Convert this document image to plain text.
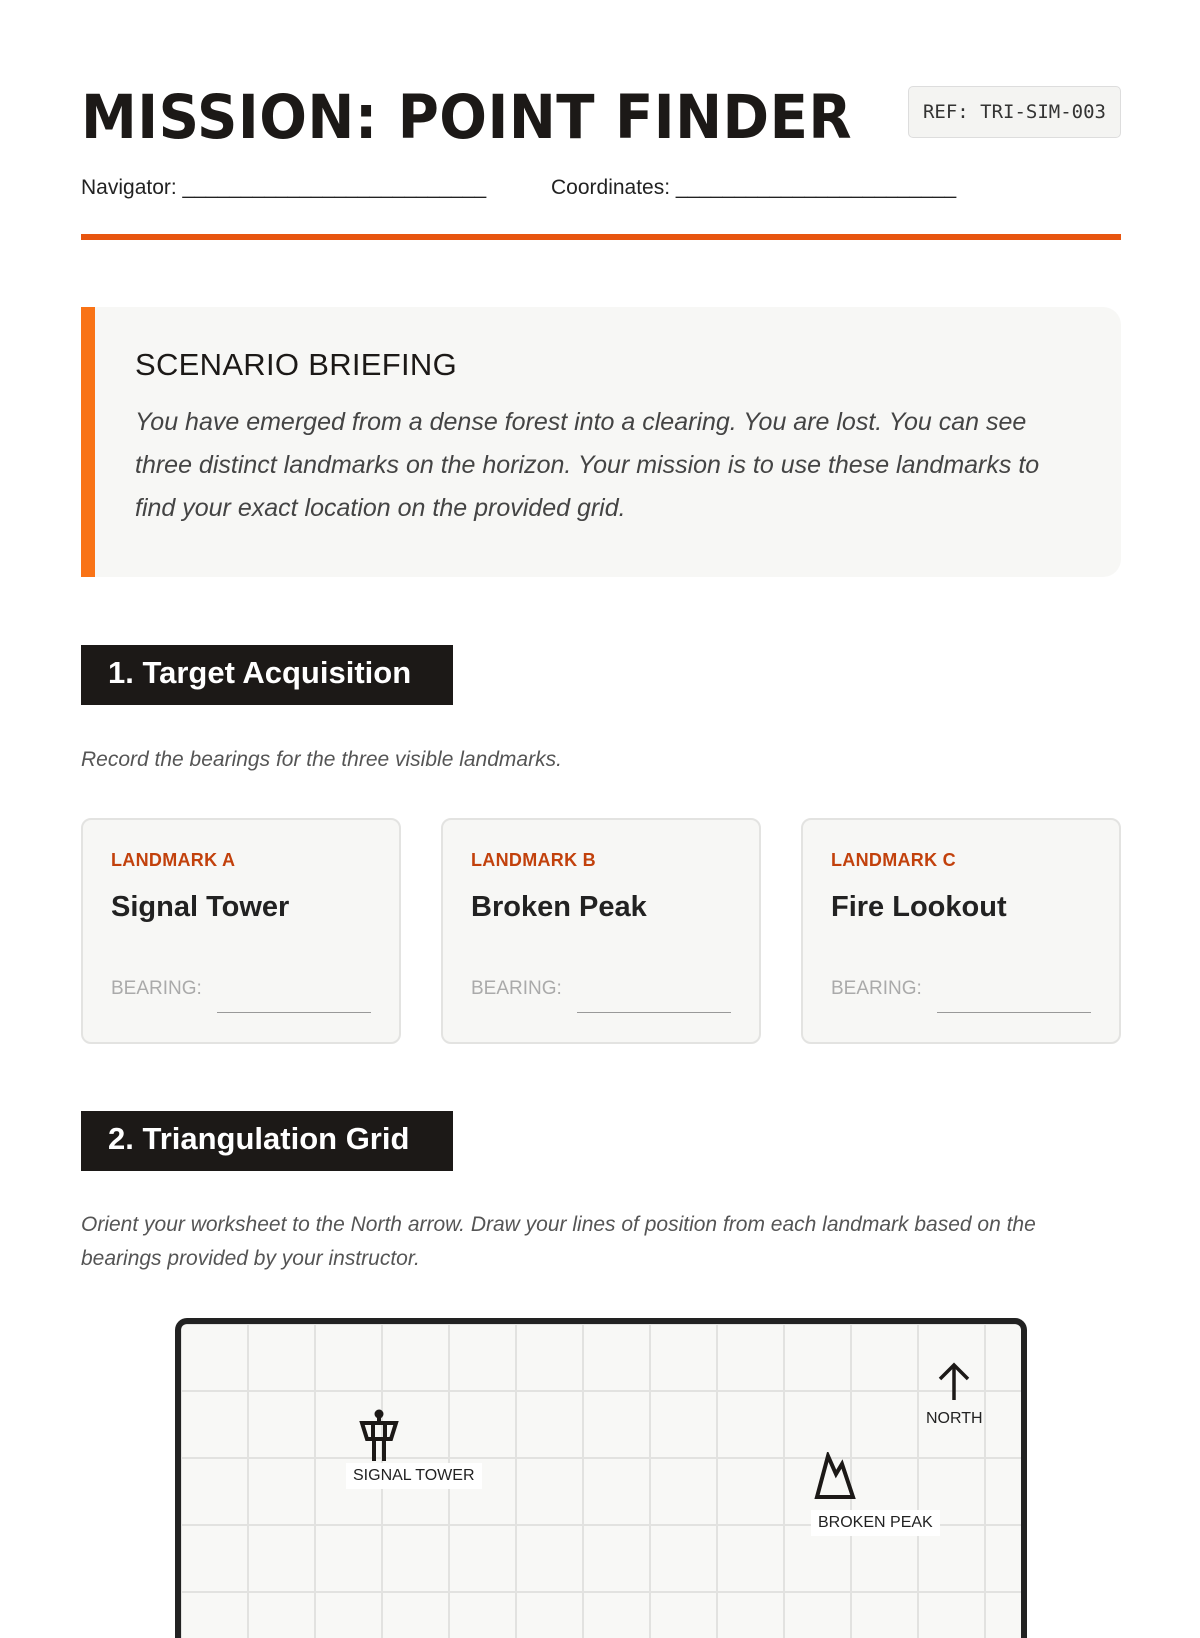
MISSION: POINT FINDER	REF: TRI-SIM-003
Navigator: __________________________	Coordinates: ________________________
SCENARIO BRIEFING

You have emerged from a dense forest into a clearing. You are lost. You can see three distinct landmarks on the horizon. Your mission is to use these landmarks to find your exact location on the provided grid.

1. Target Acquisition
Record the bearings for the three visible landmarks.
LANDMARK A
Signal Tower
BEARING:
LANDMARK B
Broken Peak
BEARING:
LANDMARK C
Fire Lookout
BEARING:
2. Triangulation Grid
Orient your worksheet to the North arrow. Draw your lines of position from each landmark based on the bearings provided by your instructor.
SIGNAL TOWER
BROKEN PEAK
NORTH
